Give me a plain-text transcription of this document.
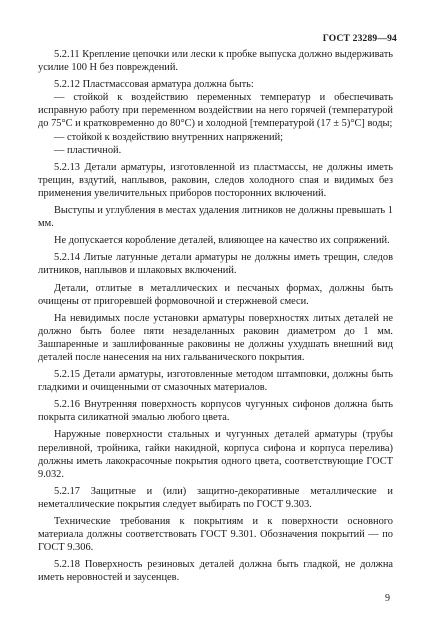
ГОСТ 23289—94

5.2.11 Крепление цепочки или лески к пробке выпуска должно выдерживать усилие 100 Н без повреждений.

5.2.12 Пластмассовая арматура должна быть:

— стойкой к воздействию переменных температур и обеспечивать исправную работу при переменном воздействии на него горячей (температурой до 75°С и кратковременно до 80°С) и холодной [температурой (17 ± 5)°С] воды;

— стойкой к воздействию внутренних напряжений;

— пластичной.

5.2.13 Детали арматуры, изготовленной из пластмассы, не должны иметь трещин, вздутий, наплывов, раковин, следов холодного спая и видимых без применения увеличительных приборов посторонних включений.

Выступы и углубления в местах удаления литников не должны превышать 1 мм.

Не допускается коробление деталей, влияющее на качество их сопряжений.

5.2.14 Литые латунные детали арматуры не должны иметь трещин, следов литников, наплывов и шлаковых включений.

Детали, отлитые в металлических и песчаных формах, должны быть очищены от пригоревшей формовочной и стержневой смеси.

На невидимых после установки арматуры поверхностях литых деталей не должно быть более пяти незаделанных раковин диаметром до 1 мм. Зашпаренные и зашлифованные раковины не должны ухудшать внешний вид деталей после нанесения на них гальванического покрытия.

5.2.15 Детали арматуры, изготовленные методом штамповки, должны быть гладкими и очищенными от смазочных материалов.

5.2.16 Внутренняя поверхность корпусов чугунных сифонов должна быть покрыта силикатной эмалью любого цвета.

Наружные поверхности стальных и чугунных деталей арматуры (трубы переливной, тройника, гайки накидной, корпуса сифона и корпуса перелива) должны иметь лакокрасочные покрытия одного цвета, соответствующие ГОСТ 9.032.

5.2.17 Защитные и (или) защитно-декоративные металлические и неметаллические покрытия следует выбирать по ГОСТ 9.303.

Технические требования к покрытиям и к поверхности основного материала должны соответствовать ГОСТ 9.301. Обозначения покрытий — по ГОСТ 9.306.

5.2.18 Поверхность резиновых деталей должна быть гладкой, не должна иметь неровностей и заусенцев.

9
